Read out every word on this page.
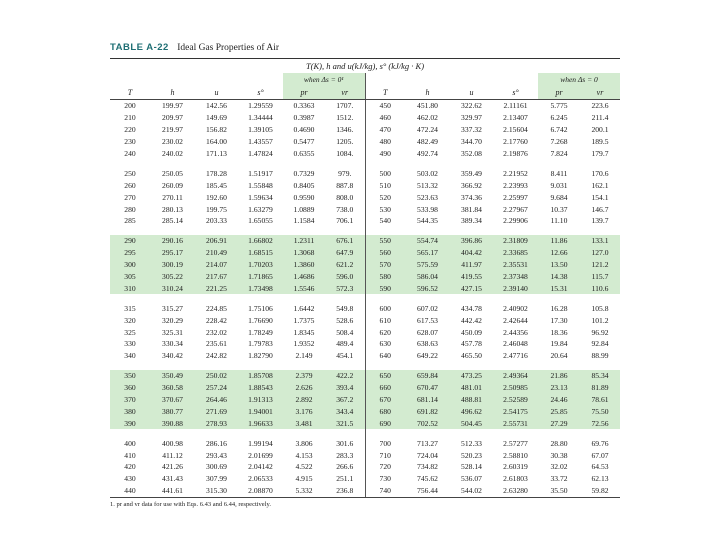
TABLE A-22 Ideal Gas Properties of Air
T(K), h and u(kJ/kg), s° (kJ/kg · K)											
				when Δs = 0¹						when Δs = 0	
T	h	u	s°	pr	vr	T	h	u	s°	pr	vr
200	199.97	142.56	1.29559	0.3363	1707.	450	451.80	322.62	2.11161	5.775	223.6
210	209.97	149.69	1.34444	0.3987	1512.	460	462.02	329.97	2.13407	6.245	211.4
220	219.97	156.82	1.39105	0.4690	1346.	470	472.24	337.32	2.15604	6.742	200.1
230	230.02	164.00	1.43557	0.5477	1205.	480	482.49	344.70	2.17760	7.268	189.5
240	240.02	171.13	1.47824	0.6355	1084.	490	492.74	352.08	2.19876	7.824	179.7

250	250.05	178.28	1.51917	0.7329	979.	500	503.02	359.49	2.21952	8.411	170.6
260	260.09	185.45	1.55848	0.8405	887.8	510	513.32	366.92	2.23993	9.031	162.1
270	270.11	192.60	1.59634	0.9590	808.0	520	523.63	374.36	2.25997	9.684	154.1
280	280.13	199.75	1.63279	1.0889	738.0	530	533.98	381.84	2.27967	10.37	146.7
285	285.14	203.33	1.65055	1.1584	706.1	540	544.35	389.34	2.29906	11.10	139.7

290	290.16	206.91	1.66802	1.2311	676.1	550	554.74	396.86	2.31809	11.86	133.1
295	295.17	210.49	1.68515	1.3068	647.9	560	565.17	404.42	2.33685	12.66	127.0
300	300.19	214.07	1.70203	1.3860	621.2	570	575.59	411.97	2.35531	13.50	121.2
305	305.22	217.67	1.71865	1.4686	596.0	580	586.04	419.55	2.37348	14.38	115.7
310	310.24	221.25	1.73498	1.5546	572.3	590	596.52	427.15	2.39140	15.31	110.6

315	315.27	224.85	1.75106	1.6442	549.8	600	607.02	434.78	2.40902	16.28	105.8
320	320.29	228.42	1.76690	1.7375	528.6	610	617.53	442.42	2.42644	17.30	101.2
325	325.31	232.02	1.78249	1.8345	508.4	620	628.07	450.09	2.44356	18.36	96.92
330	330.34	235.61	1.79783	1.9352	489.4	630	638.63	457.78	2.46048	19.84	92.84
340	340.42	242.82	1.82790	2.149	454.1	640	649.22	465.50	2.47716	20.64	88.99

350	350.49	250.02	1.85708	2.379	422.2	650	659.84	473.25	2.49364	21.86	85.34
360	360.58	257.24	1.88543	2.626	393.4	660	670.47	481.01	2.50985	23.13	81.89
370	370.67	264.46	1.91313	2.892	367.2	670	681.14	488.81	2.52589	24.46	78.61
380	380.77	271.69	1.94001	3.176	343.4	680	691.82	496.62	2.54175	25.85	75.50
390	390.88	278.93	1.96633	3.481	321.5	690	702.52	504.45	2.55731	27.29	72.56

400	400.98	286.16	1.99194	3.806	301.6	700	713.27	512.33	2.57277	28.80	69.76
410	411.12	293.43	2.01699	4.153	283.3	710	724.04	520.23	2.58810	30.38	67.07
420	421.26	300.69	2.04142	4.522	266.6	720	734.82	528.14	2.60319	32.02	64.53
430	431.43	307.99	2.06533	4.915	251.1	730	745.62	536.07	2.61803	33.72	62.13
440	441.61	315.30	2.08870	5.332	236.8	740	756.44	544.02	2.63280	35.50	59.82
1. pr and vr data for use with Eqs. 6.43 and 6.44, respectively.
